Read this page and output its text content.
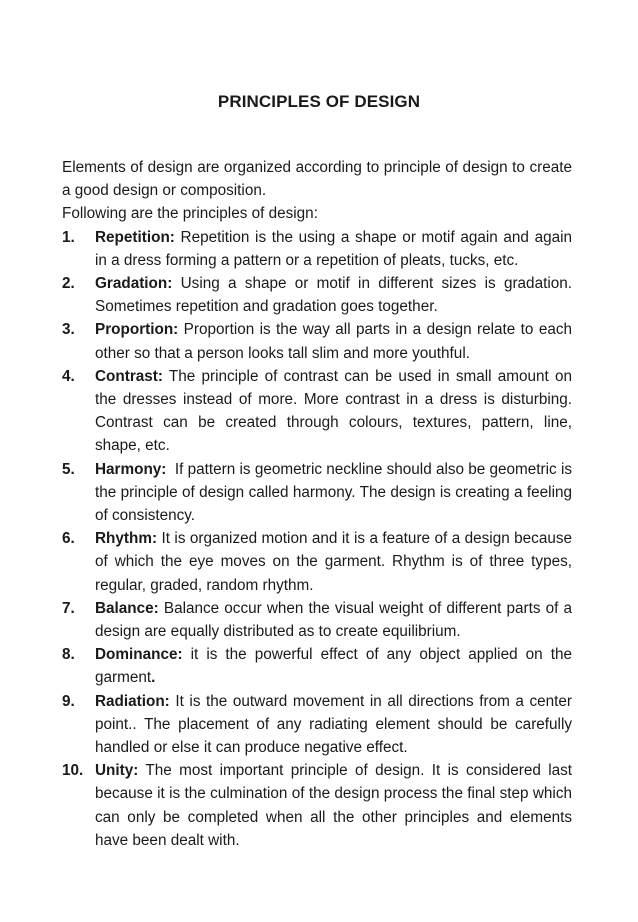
PRINCIPLES OF DESIGN

Elements of design are organized according to principle of design to create a good design or composition.

Following are the principles of design:

1.	Repetition: Repetition is the using a shape or motif again and again in a dress forming a pattern or a repetition of pleats, tucks, etc.
2.	Gradation: Using a shape or motif in different sizes is gradation. Sometimes repetition and gradation goes together.
3.	Proportion: Proportion is the way all parts in a design relate to each other so that a person looks tall slim and more youthful.
4.	Contrast: The principle of contrast can be used in small amount on the dresses instead of more. More contrast in a dress is disturbing. Contrast can be created through colours, textures, pattern, line, shape, etc.
5.	Harmony:  If pattern is geometric neckline should also be geometric is the principle of design called harmony. The design is creating a feeling of consistency.
6.	Rhythm: It is organized motion and it is a feature of a design because of which the eye moves on the garment. Rhythm is of three types, regular, graded, random rhythm.
7.	Balance: Balance occur when the visual weight of different parts of a design are equally distributed as to create equilibrium.
8.	Dominance: it is the powerful effect of any object applied on the garment.
9.	Radiation: It is the outward movement in all directions from a center point.. The placement of any radiating element should be carefully handled or else it can produce negative effect.
10. Unity: The most important principle of design. It is considered last because it is the culmination of the design process the final step which can only be completed when all the other principles and elements  have been dealt with.
